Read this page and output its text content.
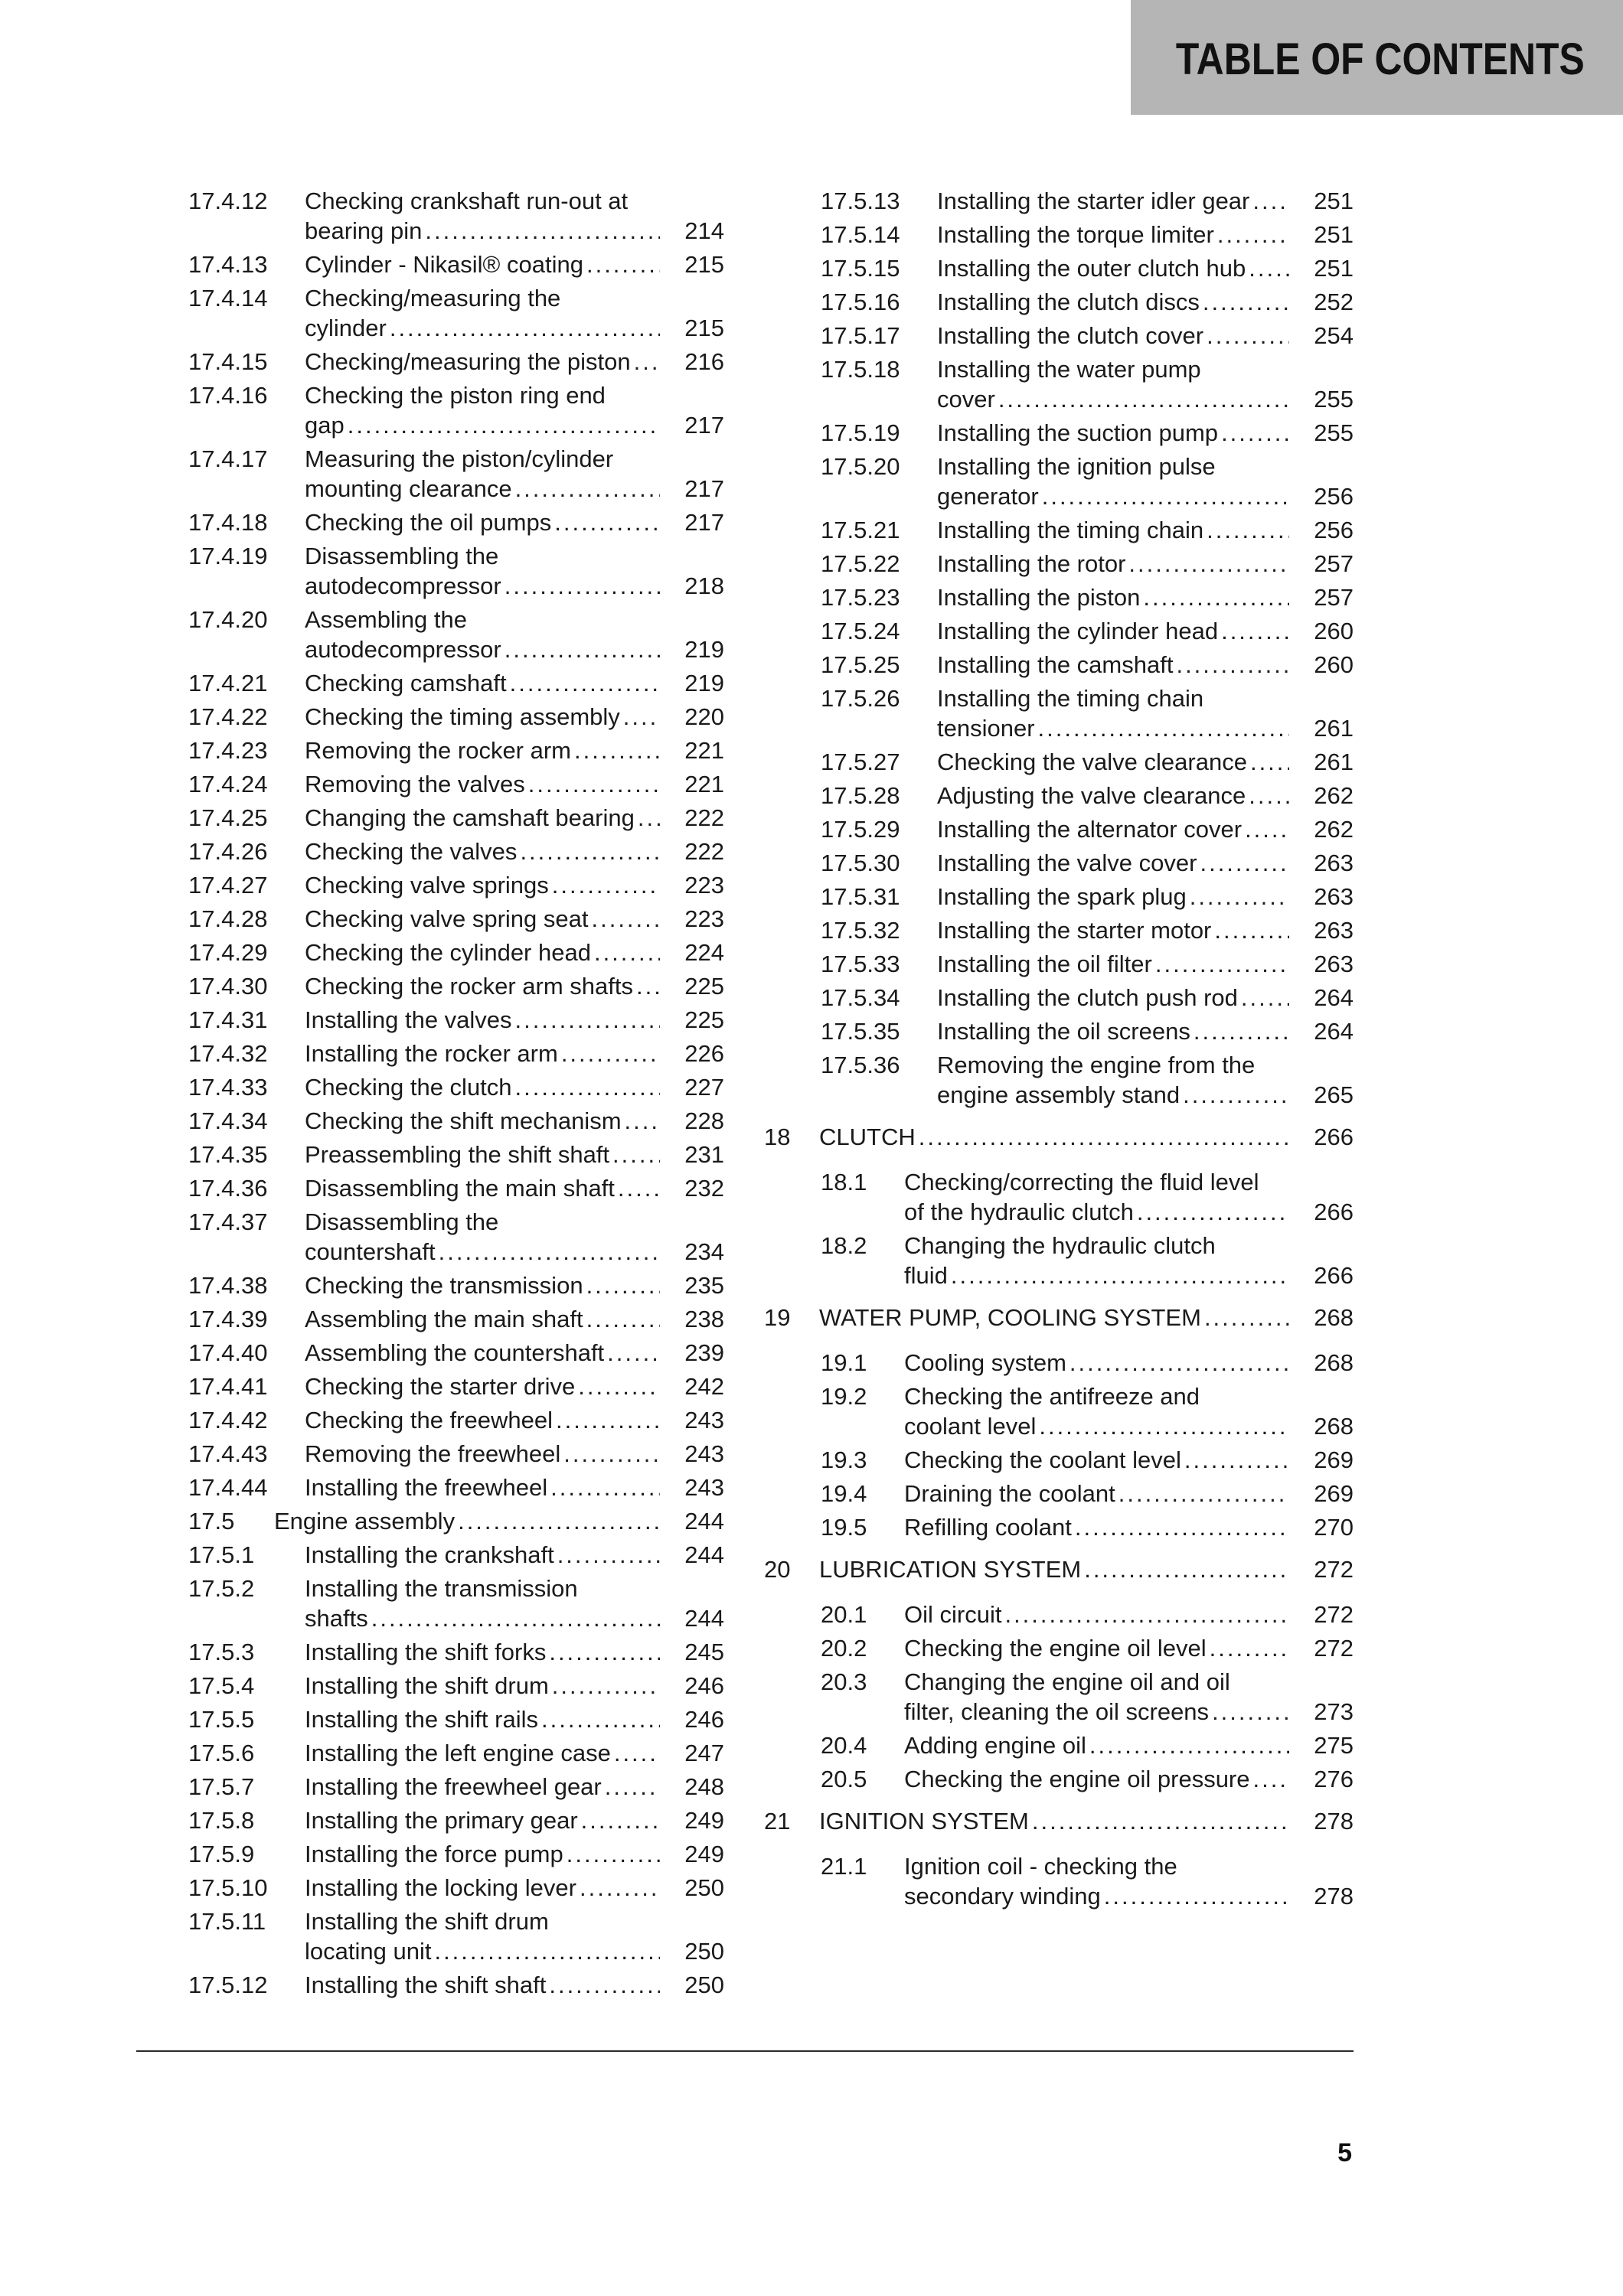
TABLE OF CONTENTS
17.4.12 Checking crankshaft run-out at
bearing pin .....	214
17.4.13 Cylinder - Nikasil® coating .....	215
17.4.14 Checking/measuring the
cylinder .....	215
17.4.15 Checking/measuring the piston ..... 216
17.4.16 Checking the piston ring end
gap .....	217
17.4.17 Measuring the piston/cylinder
mounting clearance .....	217
17.4.18 Checking the oil pumps .....	217
17.4.19 Disassembling the
autodecompressor .....	218
17.4.20 Assembling the
autodecompressor .....	219
17.4.21 Checking camshaft .....	219
17.4.22 Checking the timing assembly .....	220
17.4.23 Removing the rocker arm .....	221
17.4.24 Removing the valves .....	221
17.4.25 Changing the camshaft bearing ..... 222
17.4.26 Checking the valves .....	222
17.4.27 Checking valve springs .....	223
17.4.28 Checking valve spring seat .....	223
17.4.29 Checking the cylinder head .....	224
17.4.30 Checking the rocker arm shafts ..... 225
17.4.31 Installing the valves .....	225
17.4.32 Installing the rocker arm .....	226
17.4.33 Checking the clutch .....	227
17.4.34 Checking the shift mechanism .....	228
17.4.35 Preassembling the shift shaft .....	231
17.4.36 Disassembling the main shaft .....	232
17.4.37 Disassembling the
countershaft .....	234
17.4.38 Checking the transmission .....	235
17.4.39 Assembling the main shaft .....	238
17.4.40 Assembling the countershaft .....	239
17.4.41 Checking the starter drive .....	242
17.4.42 Checking the freewheel .....	243
17.4.43 Removing the freewheel .....	243
17.4.44 Installing the freewheel .....	243
17.5 Engine assembly .....	244
17.5.1 Installing the crankshaft .....	244
17.5.2 Installing the transmission
shafts .....	244
17.5.3 Installing the shift forks .....	245
17.5.4 Installing the shift drum .....	246
17.5.5 Installing the shift rails .....	246
17.5.6 Installing the left engine case .....	247
17.5.7 Installing the freewheel gear .....	248
17.5.8 Installing the primary gear .....	249
17.5.9 Installing the force pump .....	249
17.5.10 Installing the locking lever .....	250
17.5.11 Installing the shift drum
locating unit .....	250
17.5.12 Installing the shift shaft .....	250
17.5.13 Installing the starter idler gear .....	251
17.5.14 Installing the torque limiter .....	251
17.5.15 Installing the outer clutch hub .....	251
17.5.16 Installing the clutch discs .....	252
17.5.17 Installing the clutch cover .....	254
17.5.18 Installing the water pump
cover .....	255
17.5.19 Installing the suction pump .....	255
17.5.20 Installing the ignition pulse
generator .....	256
17.5.21 Installing the timing chain .....	256
17.5.22 Installing the rotor .....	257
17.5.23 Installing the piston .....	257
17.5.24 Installing the cylinder head .....	260
17.5.25 Installing the camshaft .....	260
17.5.26 Installing the timing chain
tensioner .....	261
17.5.27 Checking the valve clearance .....	261
17.5.28 Adjusting the valve clearance .....	262
17.5.29 Installing the alternator cover .....	262
17.5.30 Installing the valve cover .....	263
17.5.31 Installing the spark plug .....	263
17.5.32 Installing the starter motor .....	263
17.5.33 Installing the oil filter .....	263
17.5.34 Installing the clutch push rod .....	264
17.5.35 Installing the oil screens .....	264
17.5.36 Removing the engine from the
engine assembly stand .....	265
18 CLUTCH .....	266
18.1 Checking/correcting the fluid level
of the hydraulic clutch .....	266
18.2 Changing the hydraulic clutch
fluid .....	266
19 WATER PUMP, COOLING SYSTEM .....	268
19.1 Cooling system .....	268
19.2 Checking the antifreeze and
coolant level .....	268
19.3 Checking the coolant level .....	269
19.4 Draining the coolant .....	269
19.5 Refilling coolant .....	270
20 LUBRICATION SYSTEM .....	272
20.1 Oil circuit .....	272
20.2 Checking the engine oil level .....	272
20.3 Changing the engine oil and oil
filter, cleaning the oil screens .....	273
20.4 Adding engine oil .....	275
20.5 Checking the engine oil pressure .....	276
21 IGNITION SYSTEM .....	278
21.1 Ignition coil - checking the
secondary winding .....	278
5
